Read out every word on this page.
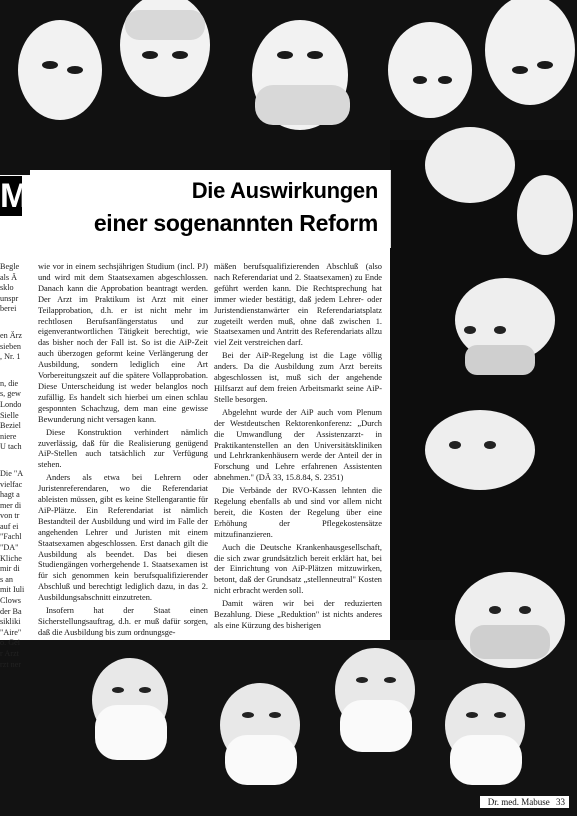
M	Die Auswirkungen
einer sogenannten Reform
Begle
als Ä
sklo
unspr
berei
en Ärz
sieben
, Nr. 1
n, die
s, gew
Londo
Sielle
Beziel
niere
U tach
Die "A
vielfac
hagt a
mer di
von tr
auf ei
"Fachl
"DA"
Kliche
mir di
s an
mit Iuli
Clows
der Ba
sikliki
"Aire"
o. Gei
r Arzt
rzt ner

wie vor in einem sechsjährigen Studium (incl. PJ) und wird mit dem Staatsexamen abgeschlossen. Danach kann die Approbation beantragt werden. Der Arzt im Praktikum ist Arzt mit einer Teilapprobation, d.h. er ist nicht mehr im rechtlosen Berufsanfängerstatus und zur eigenverantwortlichen Tätigkeit berechtigt, wie das bisher noch der Fall ist. So ist die AiP-Zeit auch überzogen geformt keine Verlängerung der Ausbildung, sondern lediglich eine Art Vorbereitungszeit auf die spätere Vollapprobation. Diese Unterscheidung ist weder belanglos noch zufällig. Es handelt sich hierbei um einen schlau gesponnten Schachzug, dem man eine gewisse Bewunderung nicht versagen kann.

Diese Konstruktion verhindert nämlich zuverlässig, daß für die Realisierung genügend AiP-Stellen auch tatsächlich zur Verfügung stehen.

Anders als etwa bei Lehrern oder Juristenreferendaren, wo die Referendariat ableisten müssen, gibt es keine Stellengarantie für AiP-Plätze. Ein Referendariat ist nämlich Bestandteil der Ausbildung und wird im Falle der angehenden Lehrer und Juristen mit einem Staatsexamen abgeschlossen. Erst danach gilt die Ausbildung als beendet. Das bei diesen Studiengängen vorhergehende 1. Staatsexamen ist für sich genommen kein berufsqualifizierender Abschluß und berechtigt lediglich dazu, in das 2. Ausbildungsabschnitt einzutreten.

Insofern hat der Staat einen Sicherstellungsauftrag, d.h. er muß dafür sorgen, daß die Ausbildung bis zum ordnungsge-

mäßen berufsqualifizierenden Abschluß (also nach Referendariat und 2. Staatsexamen) zu Ende geführt werden kann. Die Rechtsprechung hat immer wieder bestätigt, daß jedem Lehrer- oder Juristendienstanwärter ein Referendariatsplatz zugeteilt werden muß, ohne daß zwischen 1. Staatsexamen und Antritt des Referendariats allzu viel Zeit verstreichen darf.

Bei der AiP-Regelung ist die Lage völlig anders. Da die Ausbildung zum Arzt bereits abgeschlossen ist, muß sich der angehende Hilfsarzt auf dem freien Arbeitsmarkt seine AiP-Stelle besorgen.

Abgelehnt wurde der AiP auch vom Plenum der Westdeutschen Rektorenkonferenz: „Durch die Umwandlung der Assistenzarzt- in Praktikantenstellen an den Universitätskliniken und Lehrkrankenhäusern werde der Anteil der in Forschung und Lehre erfahrenen Assistenten abnehmen." (DÄ 33, 15.8.84, S. 2351)

Die Verbände der RVO-Kassen lehnten die Regelung ebenfalls ab und sind vor allem nicht bereit, die Kosten der Regelung über eine Erhöhung der Pflegekostensätze mitzufinanzieren.

Auch die Deutsche Krankenhausgesellschaft, die sich zwar grundsätzlich bereit erklärt hat, bei der Einrichtung von AiP-Plätzen mitzuwirken, betont, daß der Grundsatz „stellenneutral" Kosten nicht erbracht werden soll.

Damit wären wir bei der reduzierten Bezahlung. Diese „Reduktion" ist nichts anderes als eine Kürzung des bisherigen

Dr. med. Mabuse 33
